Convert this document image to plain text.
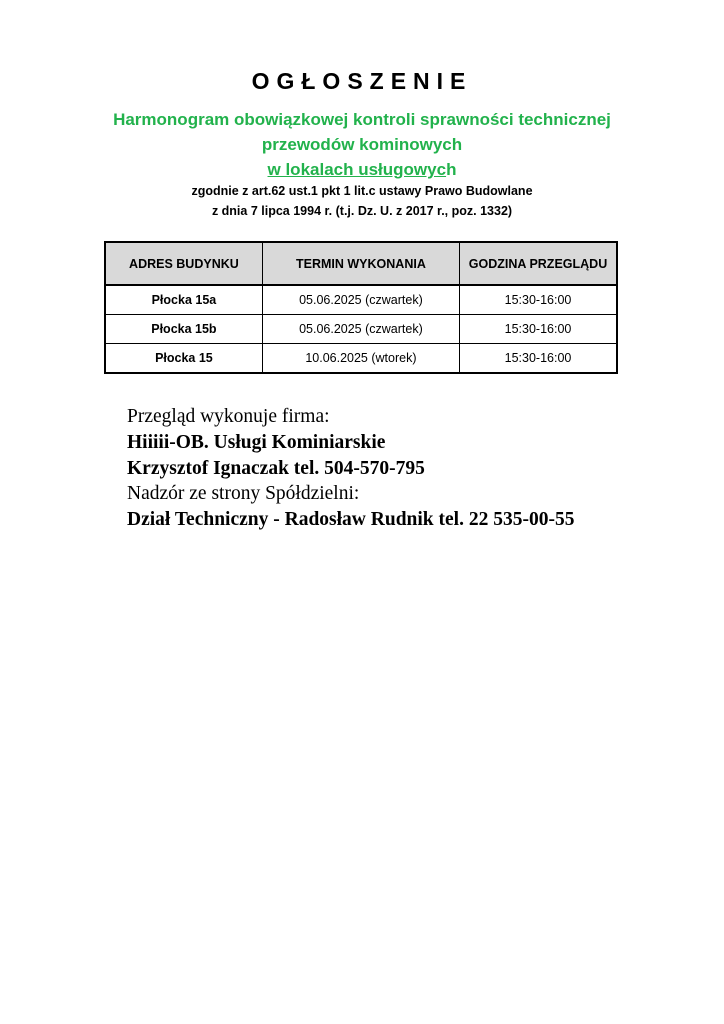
OGŁOSZENIE
Harmonogram obowiązkowej kontroli sprawności technicznej
przewodów kominowych
w lokalach usługowych
zgodnie z art.62 ust.1 pkt 1 lit.c ustawy Prawo Budowlane
z dnia 7 lipca 1994 r. (t.j. Dz. U. z 2017 r., poz. 1332)
ADRES BUDYNKU	TERMIN WYKONANIA	GODZINA PRZEGLĄDU
Płocka 15a	05.06.2025 (czwartek)	15:30-16:00
Płocka 15b	05.06.2025 (czwartek)	15:30-16:00
Płocka 15	10.06.2025 (wtorek)	15:30-16:00
Przegląd wykonuje firma:
Hiiiii-OB. Usługi Kominiarskie
Krzysztof Ignaczak tel. 504-570-795
Nadzór ze strony Spółdzielni:
Dział Techniczny - Radosław Rudnik tel. 22 535-00-55
